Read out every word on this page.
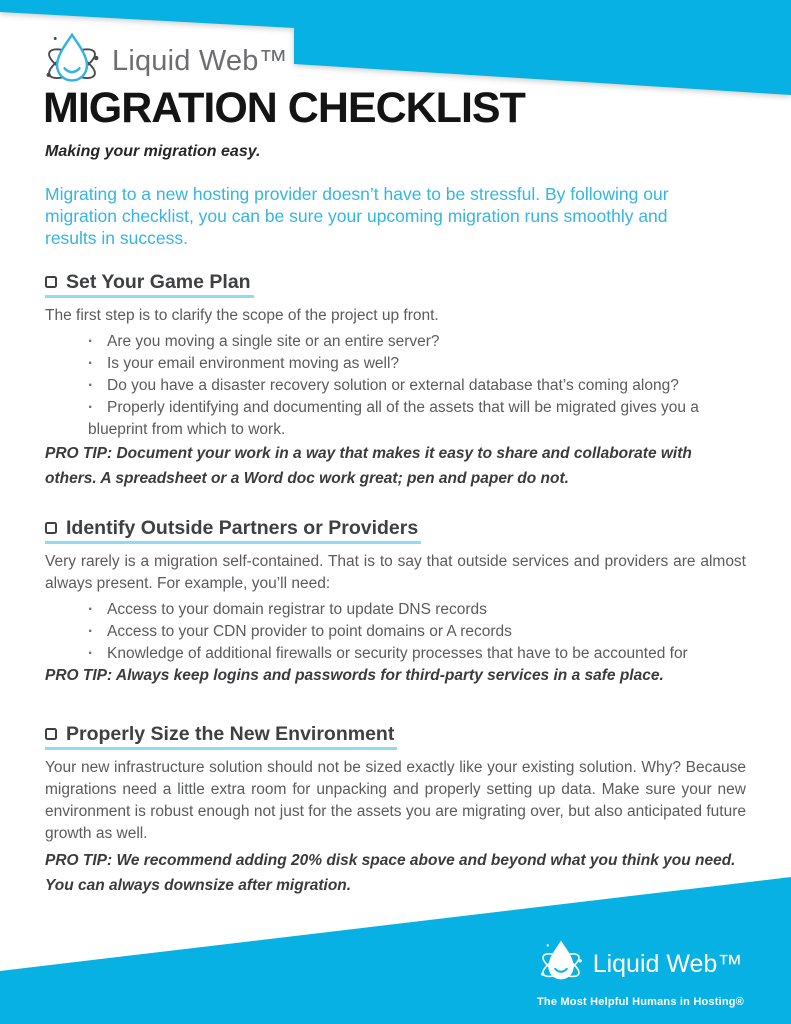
Liquid Web™
MIGRATION CHECKLIST
Making your migration easy.

Migrating to a new hosting provider doesn’t have to be stressful. By following our migration checklist, you can be sure your upcoming migration runs smoothly and results in success.

Set Your Game Plan

The first step is to clarify the scope of the project up front.

· Are you moving a single site or an entire server?
· Is your email environment moving as well?
· Do you have a disaster recovery solution or external database that’s coming along?
· Properly identifying and documenting all of the assets that will be migrated gives you a blueprint from which to work.

PRO TIP: Document your work in a way that makes it easy to share and collaborate with others. A spreadsheet or a Word doc work great; pen and paper do not.

Identify Outside Partners or Providers

Very rarely is a migration self-contained. That is to say that outside services and providers are almost always present. For example, you’ll need:

· Access to your domain registrar to update DNS records
· Access to your CDN provider to point domains or A records
· Knowledge of additional firewalls or security processes that have to be accounted for

PRO TIP: Always keep logins and passwords for third-party services in a safe place.

Properly Size the New Environment

Your new infrastructure solution should not be sized exactly like your existing solution. Why? Because migrations need a little extra room for unpacking and properly setting up data. Make sure your new environment is robust enough not just for the assets you are migrating over, but also anticipated future growth as well.

PRO TIP: We recommend adding 20% disk space above and beyond what you think you need. You can always downsize after migration.

Liquid Web™
The Most Helpful Humans in Hosting®
